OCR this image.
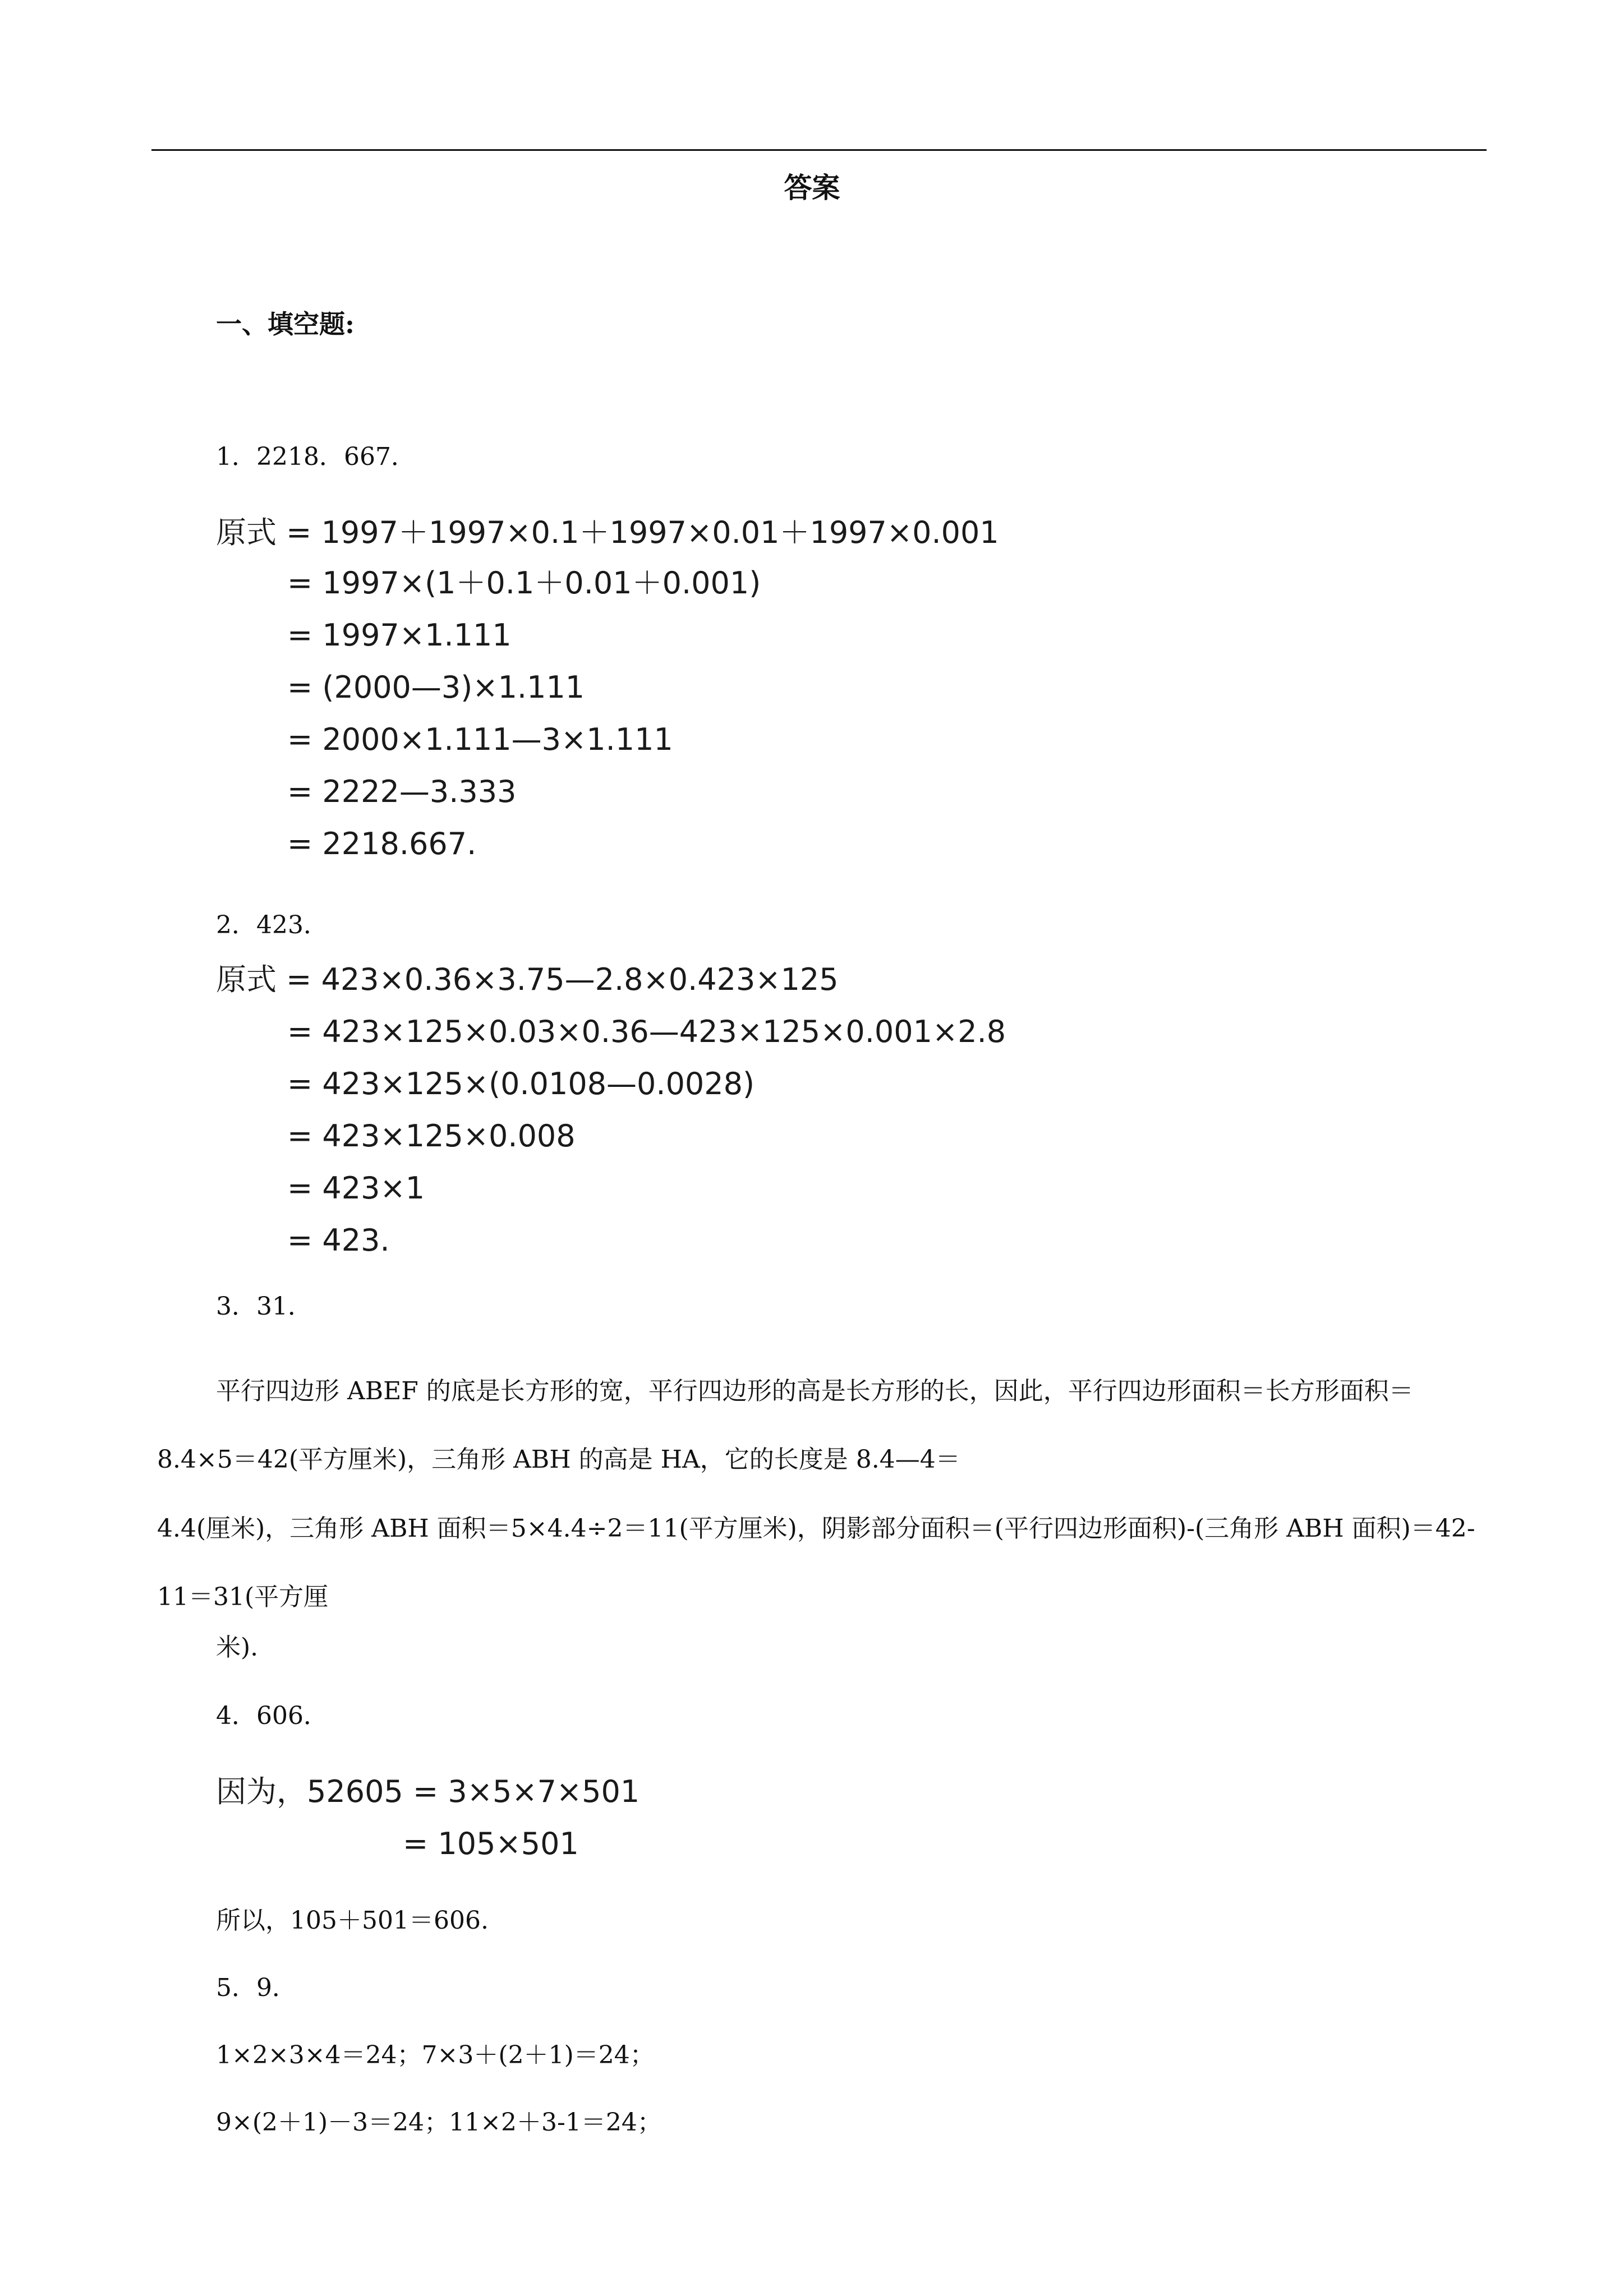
答案
一、填空题:
1．2218．667．
原式 = 1997＋1997×0.1＋1997×0.01＋1997×0.001
= 1997×(1＋0.1＋0.01＋0.001)
= 1997×1.111
= (2000—3)×1.111
= 2000×1.111—3×1.111
= 2222—3.333
= 2218.667.
2．423．
原式 = 423×0.36×3.75—2.8×0.423×125
= 423×125×0.03×0.36—423×125×0.001×2.8
= 423×125×(0.0108—0.0028)
= 423×125×0.008
= 423×1
= 423.
3．31．
平行四边形 ABEF 的底是长方形的宽，平行四边形的高是长方形的长，因此，平行四边形面积＝长方形面积＝8.4×5＝42(平方厘米)，三角形 ABH 的高是 HA，它的长度是 8.4—4＝
4.4(厘米)，三角形 ABH 面积＝5×4.4÷2＝11(平方厘米)，阴影部分面积＝(平行四边形面积)-(三角形 ABH 面积)＝42-11＝31(平方厘
米).
4．606．
因为，52605 = 3×5×7×501
= 105×501
所以，105＋501＝606.
5．9．
1×2×3×4＝24；7×3＋(2＋1)＝24；
9×(2＋1)－3＝24；11×2＋3-1＝24；
